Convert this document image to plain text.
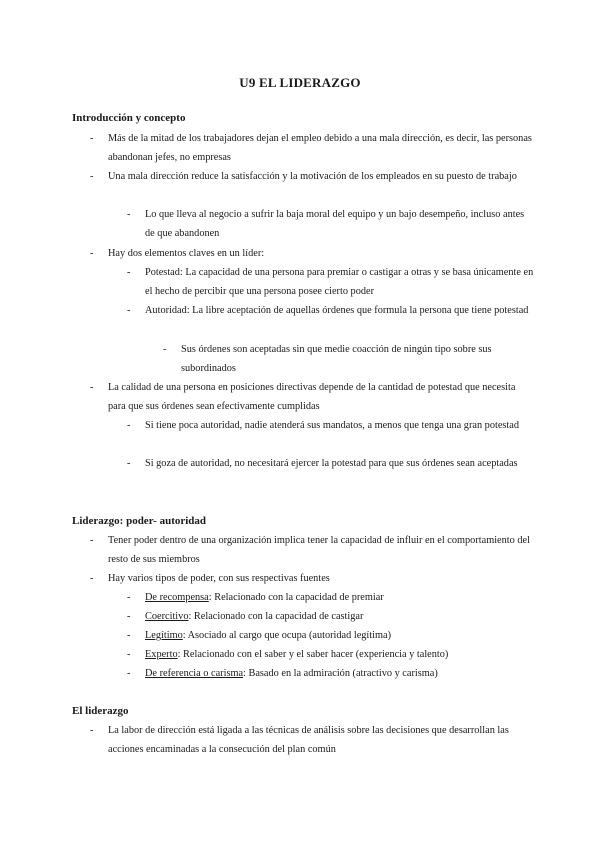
U9 EL LIDERAZGO
Introducción y concepto
- Más de la mitad de los trabajadores dejan el empleo debido a una mala dirección, es decir, las personas abandonan jefes, no empresas
- Una mala dirección reduce la satisfacción y la motivación de los empleados en su puesto de trabajo
- Lo que lleva al negocio a sufrir la baja moral del equipo y un bajo desempeño, incluso antes de que abandonen
- Hay dos elementos claves en un líder:
- Potestad: La capacidad de una persona para premiar o castigar a otras y se basa únicamente en el hecho de percibir que una persona posee cierto poder
- Autoridad: La libre aceptación de aquellas órdenes que formula la persona que tiene potestad
- Sus órdenes son aceptadas sin que medie coacción de ningún tipo sobre sus subordinados
- La calidad de una persona en posiciones directivas depende de la cantidad de potestad que necesita para que sus órdenes sean efectivamente cumplidas
- Si tiene poca autoridad, nadie atenderá sus mandatos, a menos que tenga una gran potestad
- Si goza de autoridad, no necesitará ejercer la potestad para que sus órdenes sean aceptadas
Liderazgo: poder- autoridad
- Tener poder dentro de una organización implica tener la capacidad de influir en el comportamiento del resto de sus miembros
- Hay varios tipos de poder, con sus respectivas fuentes
- De recompensa: Relacionado con la capacidad de premiar
- Coercitivo: Relacionado con la capacidad de castigar
- Legítimo: Asociado al cargo que ocupa (autoridad legítima)
- Experto: Relacionado con el saber y el saber hacer (experiencia y talento)
- De referencia o carisma: Basado en la admiración (atractivo y carisma)
El liderazgo
- La labor de dirección está ligada a las técnicas de análisis sobre las decisiones que desarrollan las acciones encaminadas a la consecución del plan común
